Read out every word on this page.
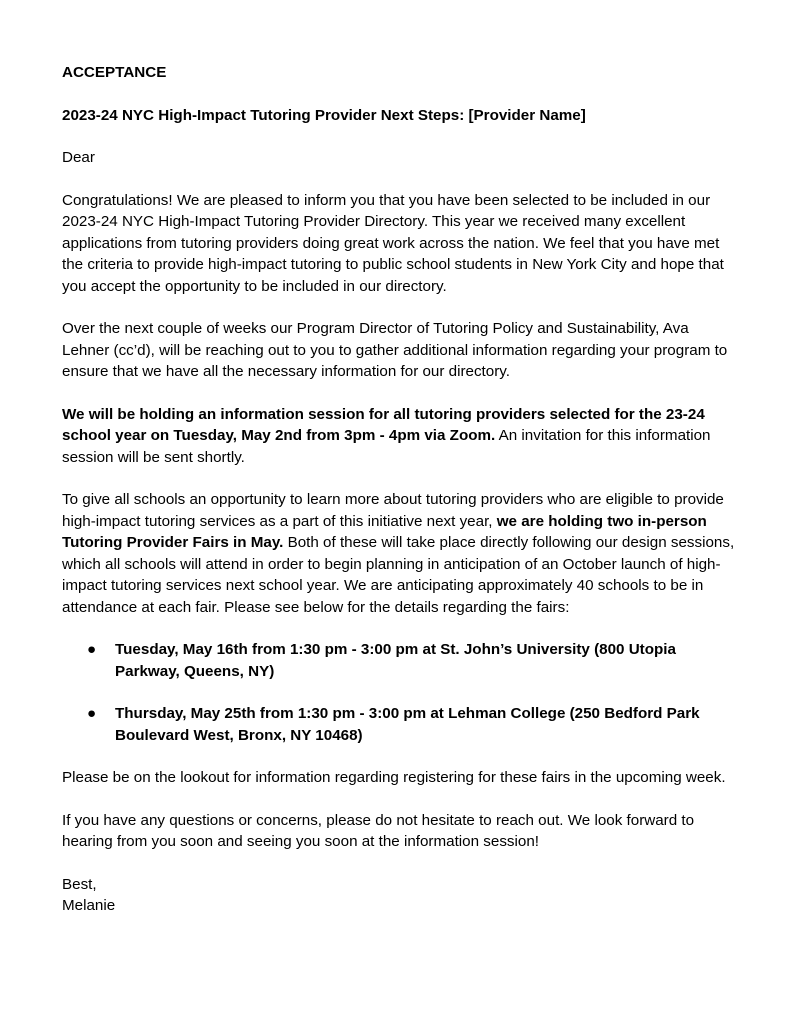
ACCEPTANCE

2023-24 NYC High-Impact Tutoring Provider Next Steps: [Provider Name]

Dear

Congratulations! We are pleased to inform you that you have been selected to be included in our 2023-24 NYC High-Impact Tutoring Provider Directory. This year we received many excellent applications from tutoring providers doing great work across the nation. We feel that you have met the criteria to provide high-impact tutoring to public school students in New York City and hope that you accept the opportunity to be included in our directory.

Over the next couple of weeks our Program Director of Tutoring Policy and Sustainability, Ava Lehner (cc’d), will be reaching out to you to gather additional information regarding your program to ensure that we have all the necessary information for our directory.

We will be holding an information session for all tutoring providers selected for the 23-24 school year on Tuesday, May 2nd from 3pm - 4pm via Zoom. An invitation for this information session will be sent shortly.

To give all schools an opportunity to learn more about tutoring providers who are eligible to provide high-impact tutoring services as a part of this initiative next year, we are holding two in-person Tutoring Provider Fairs in May. Both of these will take place directly following our design sessions, which all schools will attend in order to begin planning in anticipation of an October launch of high-impact tutoring services next school year. We are anticipating approximately 40 schools to be in attendance at each fair. Please see below for the details regarding the fairs:

● Tuesday, May 16th from 1:30 pm - 3:00 pm at St. John’s University (800 Utopia Parkway, Queens, NY)
● Thursday, May 25th from 1:30 pm - 3:00 pm at Lehman College (250 Bedford Park Boulevard West, Bronx, NY 10468)

Please be on the lookout for information regarding registering for these fairs in the upcoming week.

If you have any questions or concerns, please do not hesitate to reach out. We look forward to hearing from you soon and seeing you soon at the information session!

Best,

Melanie
